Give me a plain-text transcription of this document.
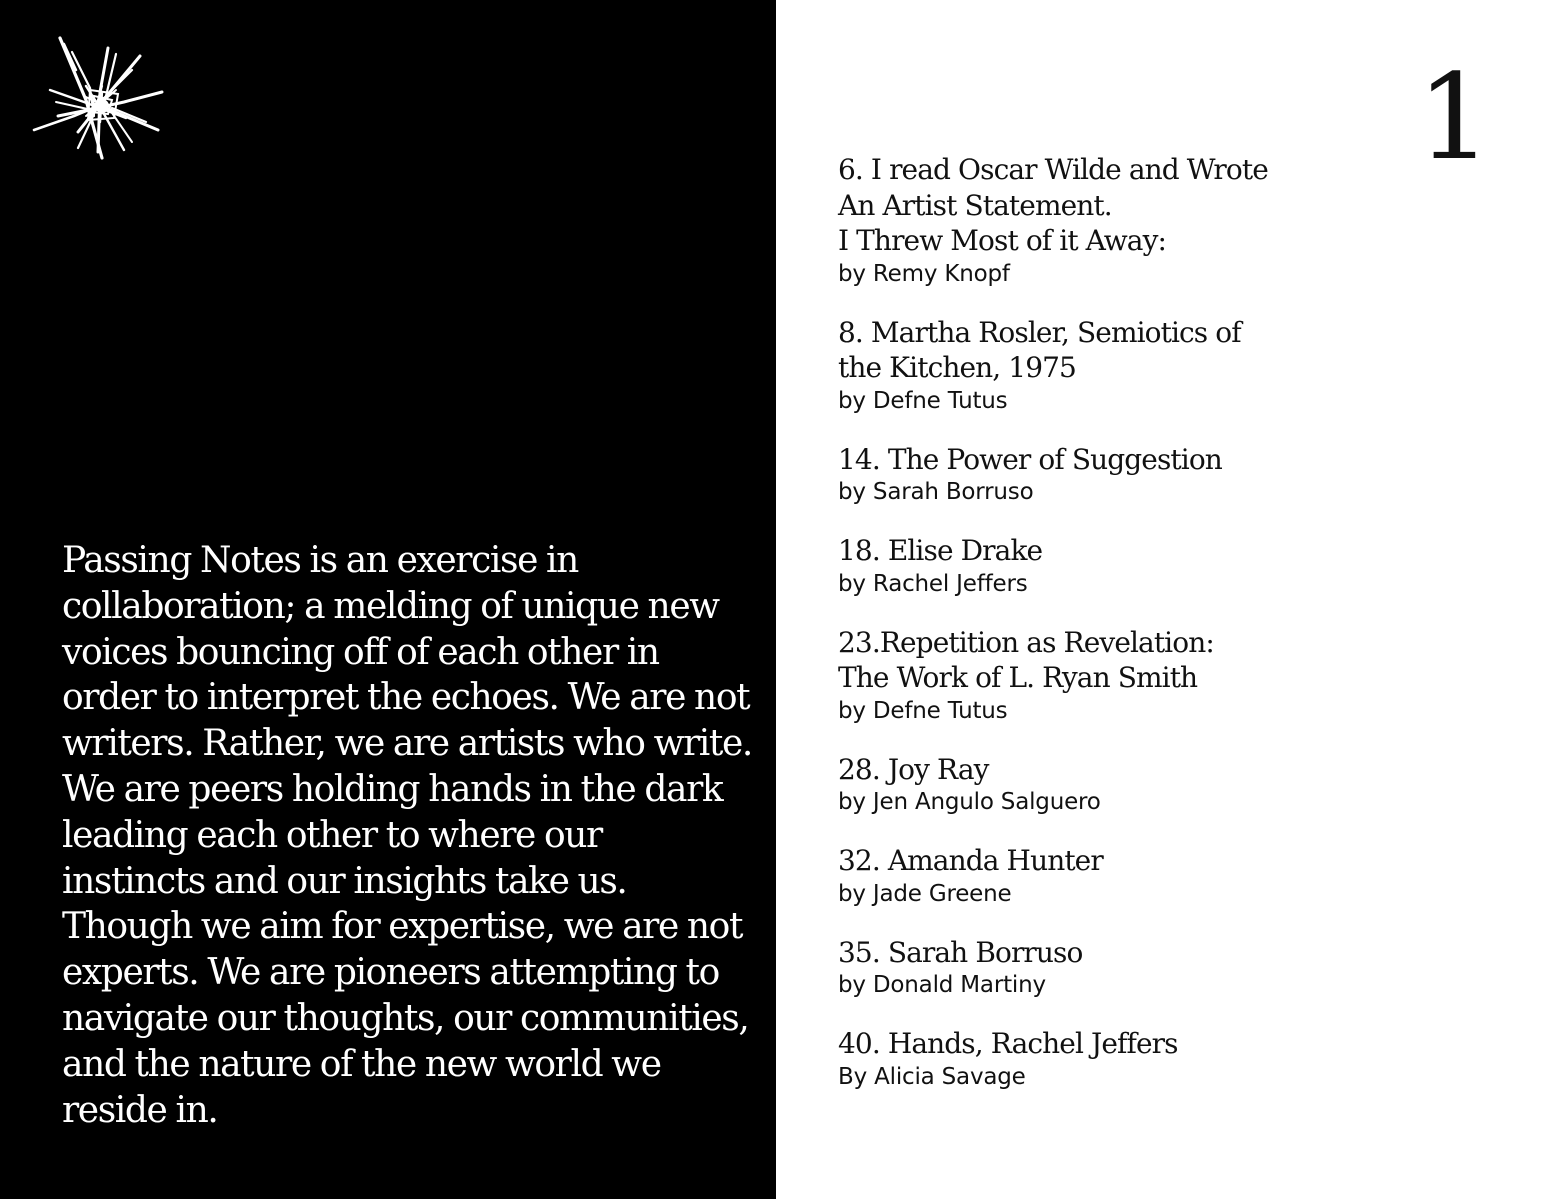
Passing Notes is an exercise in collaboration; a melding of unique new voices bouncing off of each other in order to interpret the echoes. We are not writers. Rather, we are artists who write. We are peers holding hands in the dark leading each other to where our instincts and our insights take us. Though we aim for expertise, we are not experts. We are pioneers attempting to navigate our thoughts, our communities, and the nature of the new world we reside in.

1
6. I read Oscar Wilde and Wrote
An Artist Statement.
I Threw Most of it Away:
by Remy Knopf
8. Martha Rosler, Semiotics of
the Kitchen, 1975
by Defne Tutus
14. The Power of Suggestion
by Sarah Borruso
18. Elise Drake
by Rachel Jeffers
23.Repetition as Revelation:
The Work of L. Ryan Smith
by Defne Tutus
28. Joy Ray
by Jen Angulo Salguero
32. Amanda Hunter
by Jade Greene
35. Sarah Borruso
by Donald Martiny
40. Hands, Rachel Jeffers
By Alicia Savage
